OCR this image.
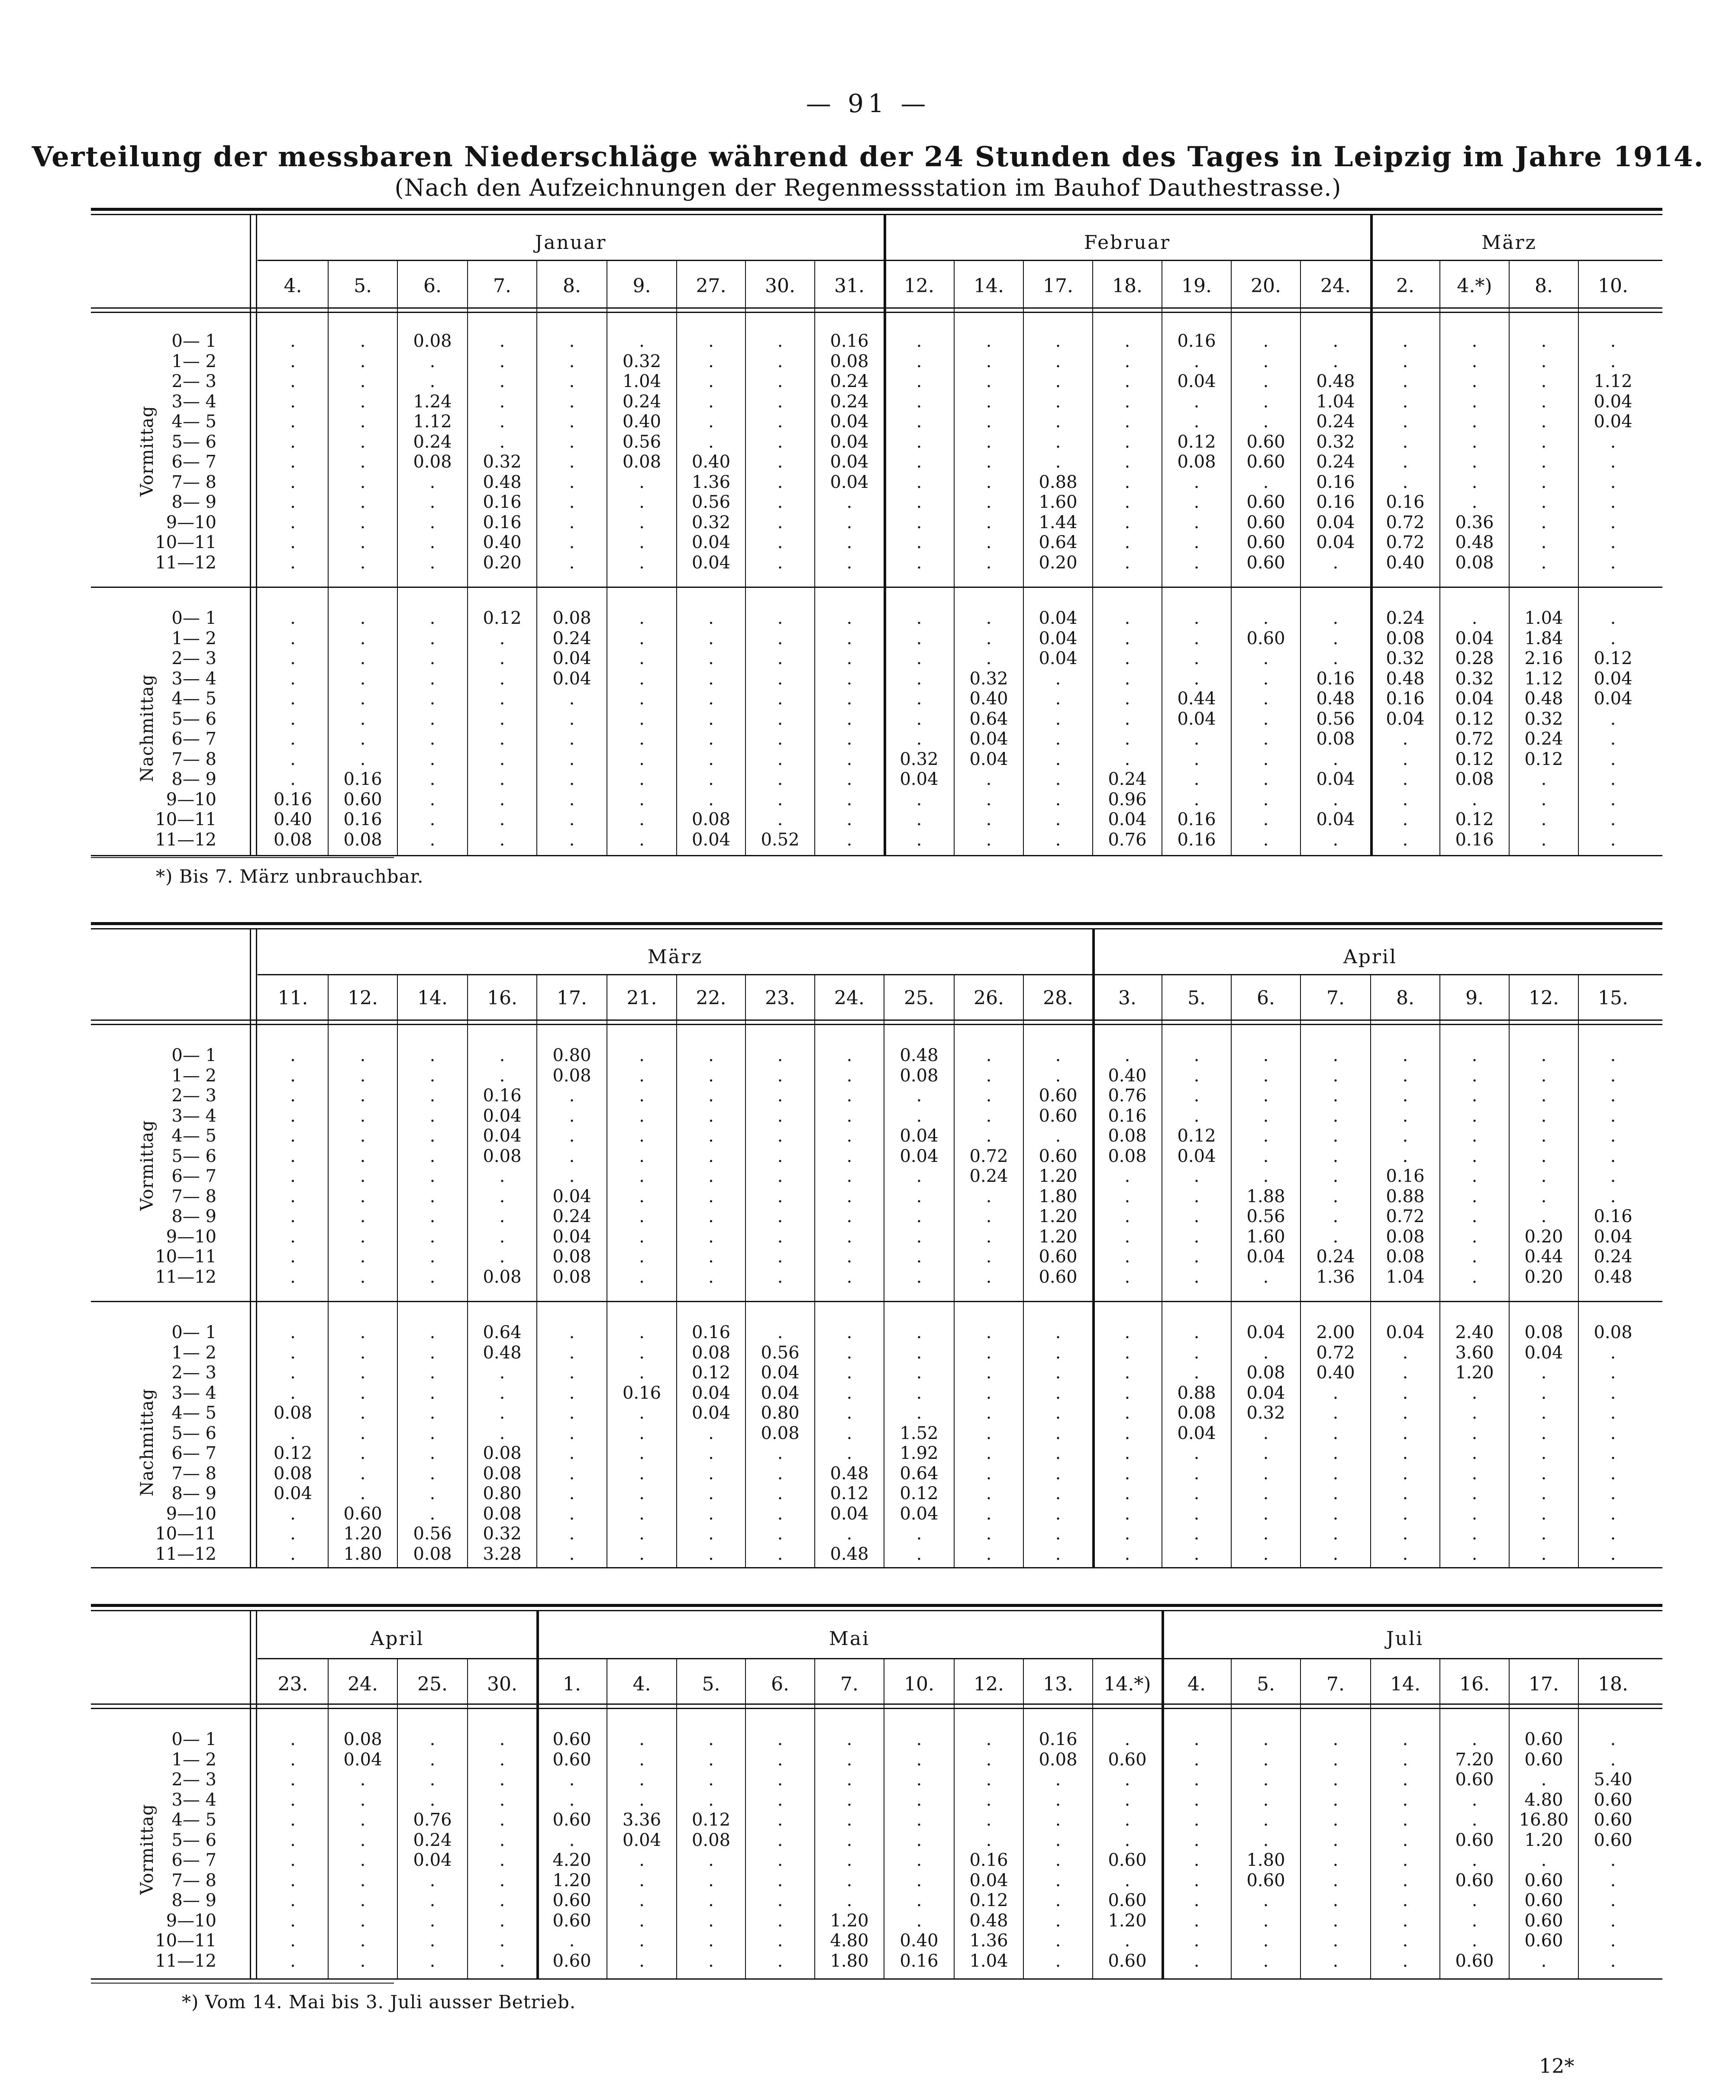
— 91 —
Verteilung der messbaren Niederschläge während der 24 Stunden des Tages in Leipzig im Jahre 1914.
(Nach den Aufzeichnungen der Regenmessstation im Bauhof Dauthestrasse.)
Januar	Februar	März
4.	5.	6.	7.	8.	9.	27.	30.	31.	12.	14.	17.	18.	19.	20.	24.	2.	4.*)	8.	10.
Vormittag
0— 1	.	.	0.08	.	.	.	.	.	0.16	.	.	.	.	0.16	.	.	.	.	.	.
1— 2	.	.	.	.	.	0.32	.	.	0.08	.	.	.	.	.	.	.	.	.	.	.
2— 3	.	.	.	.	.	1.04	.	.	0.24	.	.	.	.	0.04	.	0.48	.	.	.	1.12
3— 4	.	.	1.24	.	.	0.24	.	.	0.24	.	.	.	.	.	.	1.04	.	.	.	0.04
4— 5	.	.	1.12	.	.	0.40	.	.	0.04	.	.	.	.	.	.	0.24	.	.	.	0.04
5— 6	.	.	0.24	.	.	0.56	.	.	0.04	.	.	.	.	0.12	0.60	0.32	.	.	.	.
6— 7	.	.	0.08	0.32	.	0.08	0.40	.	0.04	.	.	.	.	0.08	0.60	0.24	.	.	.	.
7— 8	.	.	.	0.48	.	.	1.36	.	0.04	.	.	0.88	.	.	.	0.16	.	.	.	.
8— 9	.	.	.	0.16	.	.	0.56	.	.	.	.	1.60	.	.	0.60	0.16	0.16	.	.	.
9—10	.	.	.	0.16	.	.	0.32	.	.	.	.	1.44	.	.	0.60	0.04	0.72	0.36	.	.
10—11	.	.	.	0.40	.	.	0.04	.	.	.	.	0.64	.	.	0.60	0.04	0.72	0.48	.	.
11—12	.	.	.	0.20	.	.	0.04	.	.	.	.	0.20	.	.	0.60	.	0.40	0.08	.	.
Nachmittag
0— 1	.	.	.	0.12	0.08	.	.	.	.	.	.	0.04	.	.	.	.	0.24	.	1.04	.
1— 2	.	.	.	.	0.24	.	.	.	.	.	.	0.04	.	.	0.60	.	0.08	0.04	1.84	.
2— 3	.	.	.	.	0.04	.	.	.	.	.	.	0.04	.	.	.	.	0.32	0.28	2.16	0.12
3— 4	.	.	.	.	0.04	.	.	.	.	.	0.32	.	.	.	.	0.16	0.48	0.32	1.12	0.04
4— 5	.	.	.	.	.	.	.	.	.	.	0.40	.	.	0.44	.	0.48	0.16	0.04	0.48	0.04
5— 6	.	.	.	.	.	.	.	.	.	.	0.64	.	.	0.04	.	0.56	0.04	0.12	0.32	.
6— 7	.	.	.	.	.	.	.	.	.	.	0.04	.	.	.	.	0.08	.	0.72	0.24	.
7— 8	.	.	.	.	.	.	.	.	.	0.32	0.04	.	.	.	.	.	.	0.12	0.12	.
8— 9	.	0.16	.	.	.	.	.	.	.	0.04	.	.	0.24	.	.	0.04	.	0.08	.	.
9—10	0.16	0.60	.	.	.	.	.	.	.	.	.	.	0.96	.	.	.	.	.	.	.
10—11	0.40	0.16	.	.	.	.	0.08	.	.	.	.	.	0.04	0.16	.	0.04	.	0.12	.	.
11—12	0.08	0.08	.	.	.	.	0.04	0.52	.	.	.	.	0.76	0.16	.	.	.	0.16	.	.
*) Bis 7. März unbrauchbar.
März	April
11.	12.	14.	16.	17.	21.	22.	23.	24.	25.	26.	28.	3.	5.	6.	7.	8.	9.	12.	15.
Vormittag
0— 1	.	.	.	.	0.80	.	.	.	.	0.48	.	.	.	.	.	.	.	.	.	.
1— 2	.	.	.	.	0.08	.	.	.	.	0.08	.	.	0.40	.	.	.	.	.	.	.
2— 3	.	.	.	0.16	.	.	.	.	.	.	.	0.60	0.76	.	.	.	.	.	.	.
3— 4	.	.	.	0.04	.	.	.	.	.	.	.	0.60	0.16	.	.	.	.	.	.	.
4— 5	.	.	.	0.04	.	.	.	.	.	0.04	.	.	0.08	0.12	.	.	.	.	.	.
5— 6	.	.	.	0.08	.	.	.	.	.	0.04	0.72	0.60	0.08	0.04	.	.	.	.	.	.
6— 7	.	.	.	.	.	.	.	.	.	.	0.24	1.20	.	.	.	.	0.16	.	.	.
7— 8	.	.	.	.	0.04	.	.	.	.	.	.	1.80	.	.	1.88	.	0.88	.	.	.
8— 9	.	.	.	.	0.24	.	.	.	.	.	.	1.20	.	.	0.56	.	0.72	.	.	0.16
9—10	.	.	.	.	0.04	.	.	.	.	.	.	1.20	.	.	1.60	.	0.08	.	0.20	0.04
10—11	.	.	.	.	0.08	.	.	.	.	.	.	0.60	.	.	0.04	0.24	0.08	.	0.44	0.24
11—12	.	.	.	0.08	0.08	.	.	.	.	.	.	0.60	.	.	.	1.36	1.04	.	0.20	0.48
Nachmittag
0— 1	.	.	.	0.64	.	.	0.16	.	.	.	.	.	.	.	0.04	2.00	0.04	2.40	0.08	0.08
1— 2	.	.	.	0.48	.	.	0.08	0.56	.	.	.	.	.	.	.	0.72	.	3.60	0.04	.
2— 3	.	.	.	.	.	.	0.12	0.04	.	.	.	.	.	.	0.08	0.40	.	1.20	.	.
3— 4	.	.	.	.	.	0.16	0.04	0.04	.	.	.	.	.	0.88	0.04	.	.	.	.	.
4— 5	0.08	.	.	.	.	.	0.04	0.80	.	.	.	.	.	0.08	0.32	.	.	.	.	.
5— 6	.	.	.	.	.	.	.	0.08	.	1.52	.	.	.	0.04	.	.	.	.	.	.
6— 7	0.12	.	.	0.08	.	.	.	.	.	1.92	.	.	.	.	.	.	.	.	.	.
7— 8	0.08	.	.	0.08	.	.	.	.	0.48	0.64	.	.	.	.	.	.	.	.	.	.
8— 9	0.04	.	.	0.80	.	.	.	.	0.12	0.12	.	.	.	.	.	.	.	.	.	.
9—10	.	0.60	.	0.08	.	.	.	.	0.04	0.04	.	.	.	.	.	.	.	.	.	.
10—11	.	1.20	0.56	0.32	.	.	.	.	.	.	.	.	.	.	.	.	.	.	.	.
11—12	.	1.80	0.08	3.28	.	.	.	.	0.48	.	.	.	.	.	.	.	.	.	.	.
April	Mai	Juli
23.	24.	25.	30.	1.	4.	5.	6.	7.	10.	12.	13.	14.*)	4.	5.	7.	14.	16.	17.	18.
Vormittag
0— 1	.	0.08	.	.	0.60	.	.	.	.	.	.	0.16	.	.	.	.	.	.	0.60	.
1— 2	.	0.04	.	.	0.60	.	.	.	.	.	.	0.08	0.60	.	.	.	.	7.20	0.60	.
2— 3	.	.	.	.	.	.	.	.	.	.	.	.	.	.	.	.	.	0.60	.	5.40
3— 4	.	.	.	.	.	.	.	.	.	.	.	.	.	.	.	.	.	.	4.80	0.60
4— 5	.	.	0.76	.	0.60	3.36	0.12	.	.	.	.	.	.	.	.	.	.	.	16.80	0.60
5— 6	.	.	0.24	.	.	0.04	0.08	.	.	.	.	.	.	.	.	.	.	0.60	1.20	0.60
6— 7	.	.	0.04	.	4.20	.	.	.	.	.	0.16	.	0.60	.	1.80	.	.	.	.	.
7— 8	.	.	.	.	1.20	.	.	.	.	.	0.04	.	.	.	0.60	.	.	0.60	0.60	.
8— 9	.	.	.	.	0.60	.	.	.	.	.	0.12	.	0.60	.	.	.	.	.	0.60	.
9—10	.	.	.	.	0.60	.	.	.	1.20	.	0.48	.	1.20	.	.	.	.	.	0.60	.
10—11	.	.	.	.	.	.	.	.	4.80	0.40	1.36	.	.	.	.	.	.	.	0.60	.
11—12	.	.	.	.	0.60	.	.	.	1.80	0.16	1.04	.	0.60	.	.	.	.	0.60	.	.
*) Vom 14. Mai bis 3. Juli ausser Betrieb.
12*
